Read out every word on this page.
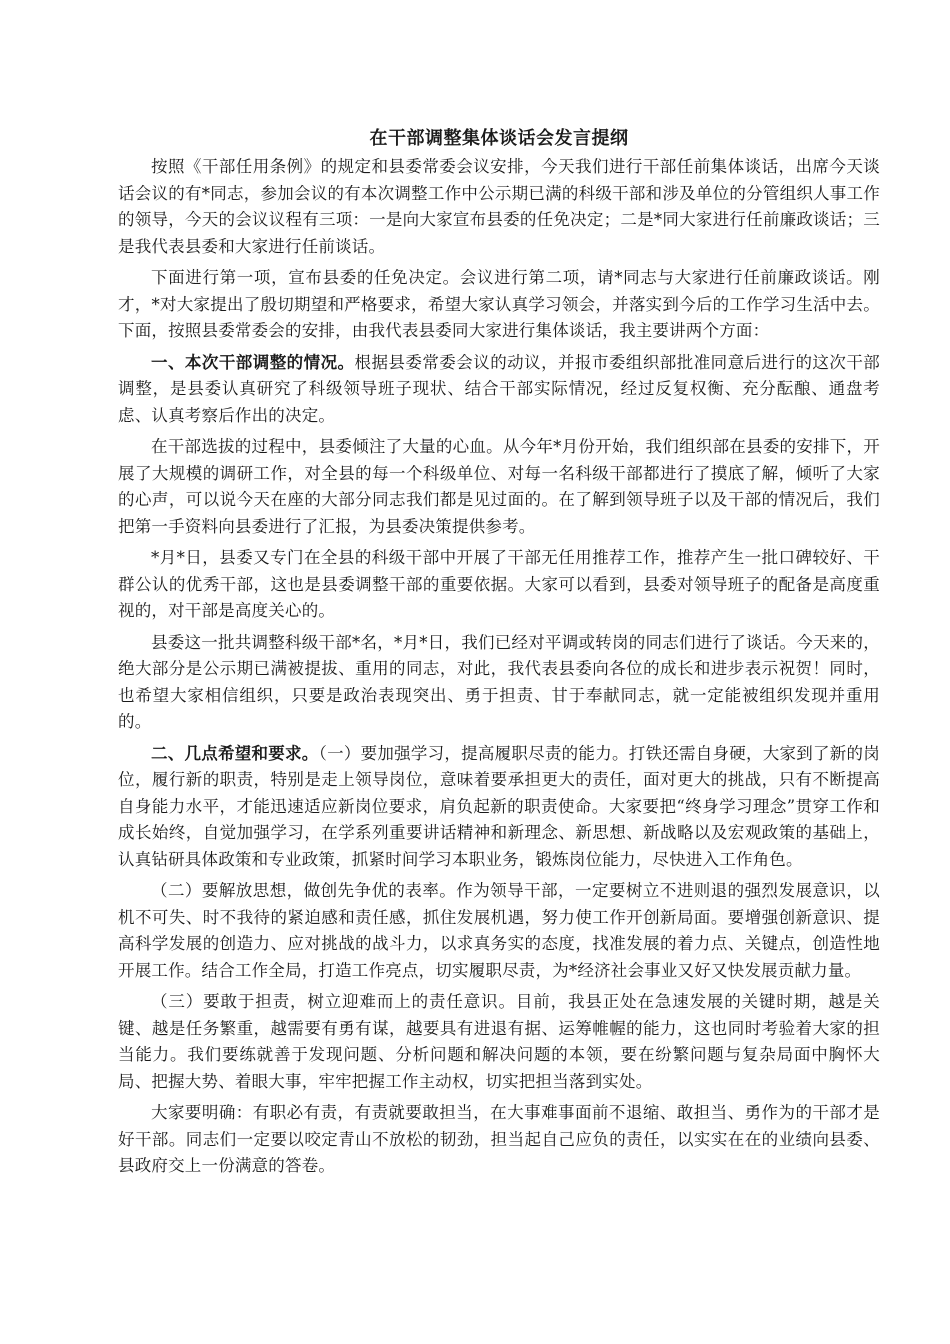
在干部调整集体谈话会发言提纲

按照《干部任用条例》的规定和县委常委会议安排，今天我们进行干部任前集体谈话，出席今天谈话会议的有*同志，参加会议的有本次调整工作中公示期已满的科级干部和涉及单位的分管组织人事工作的领导，今天的会议议程有三项：一是向大家宣布县委的任免决定；二是*同大家进行任前廉政谈话；三是我代表县委和大家进行任前谈话。

下面进行第一项，宣布县委的任免决定。会议进行第二项，请*同志与大家进行任前廉政谈话。刚才，*对大家提出了殷切期望和严格要求，希望大家认真学习领会，并落实到今后的工作学习生活中去。下面，按照县委常委会的安排，由我代表县委同大家进行集体谈话，我主要讲两个方面：

一、本次干部调整的情况。根据县委常委会议的动议，并报市委组织部批准同意后进行的这次干部调整，是县委认真研究了科级领导班子现状、结合干部实际情况，经过反复权衡、充分酝酿、通盘考虑、认真考察后作出的决定。

在干部选拔的过程中，县委倾注了大量的心血。从今年*月份开始，我们组织部在县委的安排下，开展了大规模的调研工作，对全县的每一个科级单位、对每一名科级干部都进行了摸底了解，倾听了大家的心声，可以说今天在座的大部分同志我们都是见过面的。在了解到领导班子以及干部的情况后，我们把第一手资料向县委进行了汇报，为县委决策提供参考。

*月*日，县委又专门在全县的科级干部中开展了干部无任用推荐工作，推荐产生一批口碑较好、干群公认的优秀干部，这也是县委调整干部的重要依据。大家可以看到，县委对领导班子的配备是高度重视的，对干部是高度关心的。

县委这一批共调整科级干部*名，*月*日，我们已经对平调或转岗的同志们进行了谈话。今天来的，绝大部分是公示期已满被提拔、重用的同志，对此，我代表县委向各位的成长和进步表示祝贺！同时，也希望大家相信组织，只要是政治表现突出、勇于担责、甘于奉献同志，就一定能被组织发现并重用的。

二、几点希望和要求。（一）要加强学习，提高履职尽责的能力。打铁还需自身硬，大家到了新的岗位，履行新的职责，特别是走上领导岗位，意味着要承担更大的责任，面对更大的挑战，只有不断提高自身能力水平，才能迅速适应新岗位要求，肩负起新的职责使命。大家要把“终身学习理念”贯穿工作和成长始终，自觉加强学习，在学系列重要讲话精神和新理念、新思想、新战略以及宏观政策的基础上，认真钻研具体政策和专业政策，抓紧时间学习本职业务，锻炼岗位能力，尽快进入工作角色。

（二）要解放思想，做创先争优的表率。作为领导干部，一定要树立不进则退的强烈发展意识，以机不可失、时不我待的紧迫感和责任感，抓住发展机遇，努力使工作开创新局面。要增强创新意识、提高科学发展的创造力、应对挑战的战斗力，以求真务实的态度，找准发展的着力点、关键点，创造性地开展工作。结合工作全局，打造工作亮点，切实履职尽责，为*经济社会事业又好又快发展贡献力量。

（三）要敢于担责，树立迎难而上的责任意识。目前，我县正处在急速发展的关键时期，越是关键、越是任务繁重，越需要有勇有谋，越要具有进退有据、运筹帷幄的能力，这也同时考验着大家的担当能力。我们要练就善于发现问题、分析问题和解决问题的本领，要在纷繁问题与复杂局面中胸怀大局、把握大势、着眼大事，牢牢把握工作主动权，切实把担当落到实处。

大家要明确：有职必有责，有责就要敢担当，在大事难事面前不退缩、敢担当、勇作为的干部才是好干部。同志们一定要以咬定青山不放松的韧劲，担当起自己应负的责任，以实实在在的业绩向县委、县政府交上一份满意的答卷。
